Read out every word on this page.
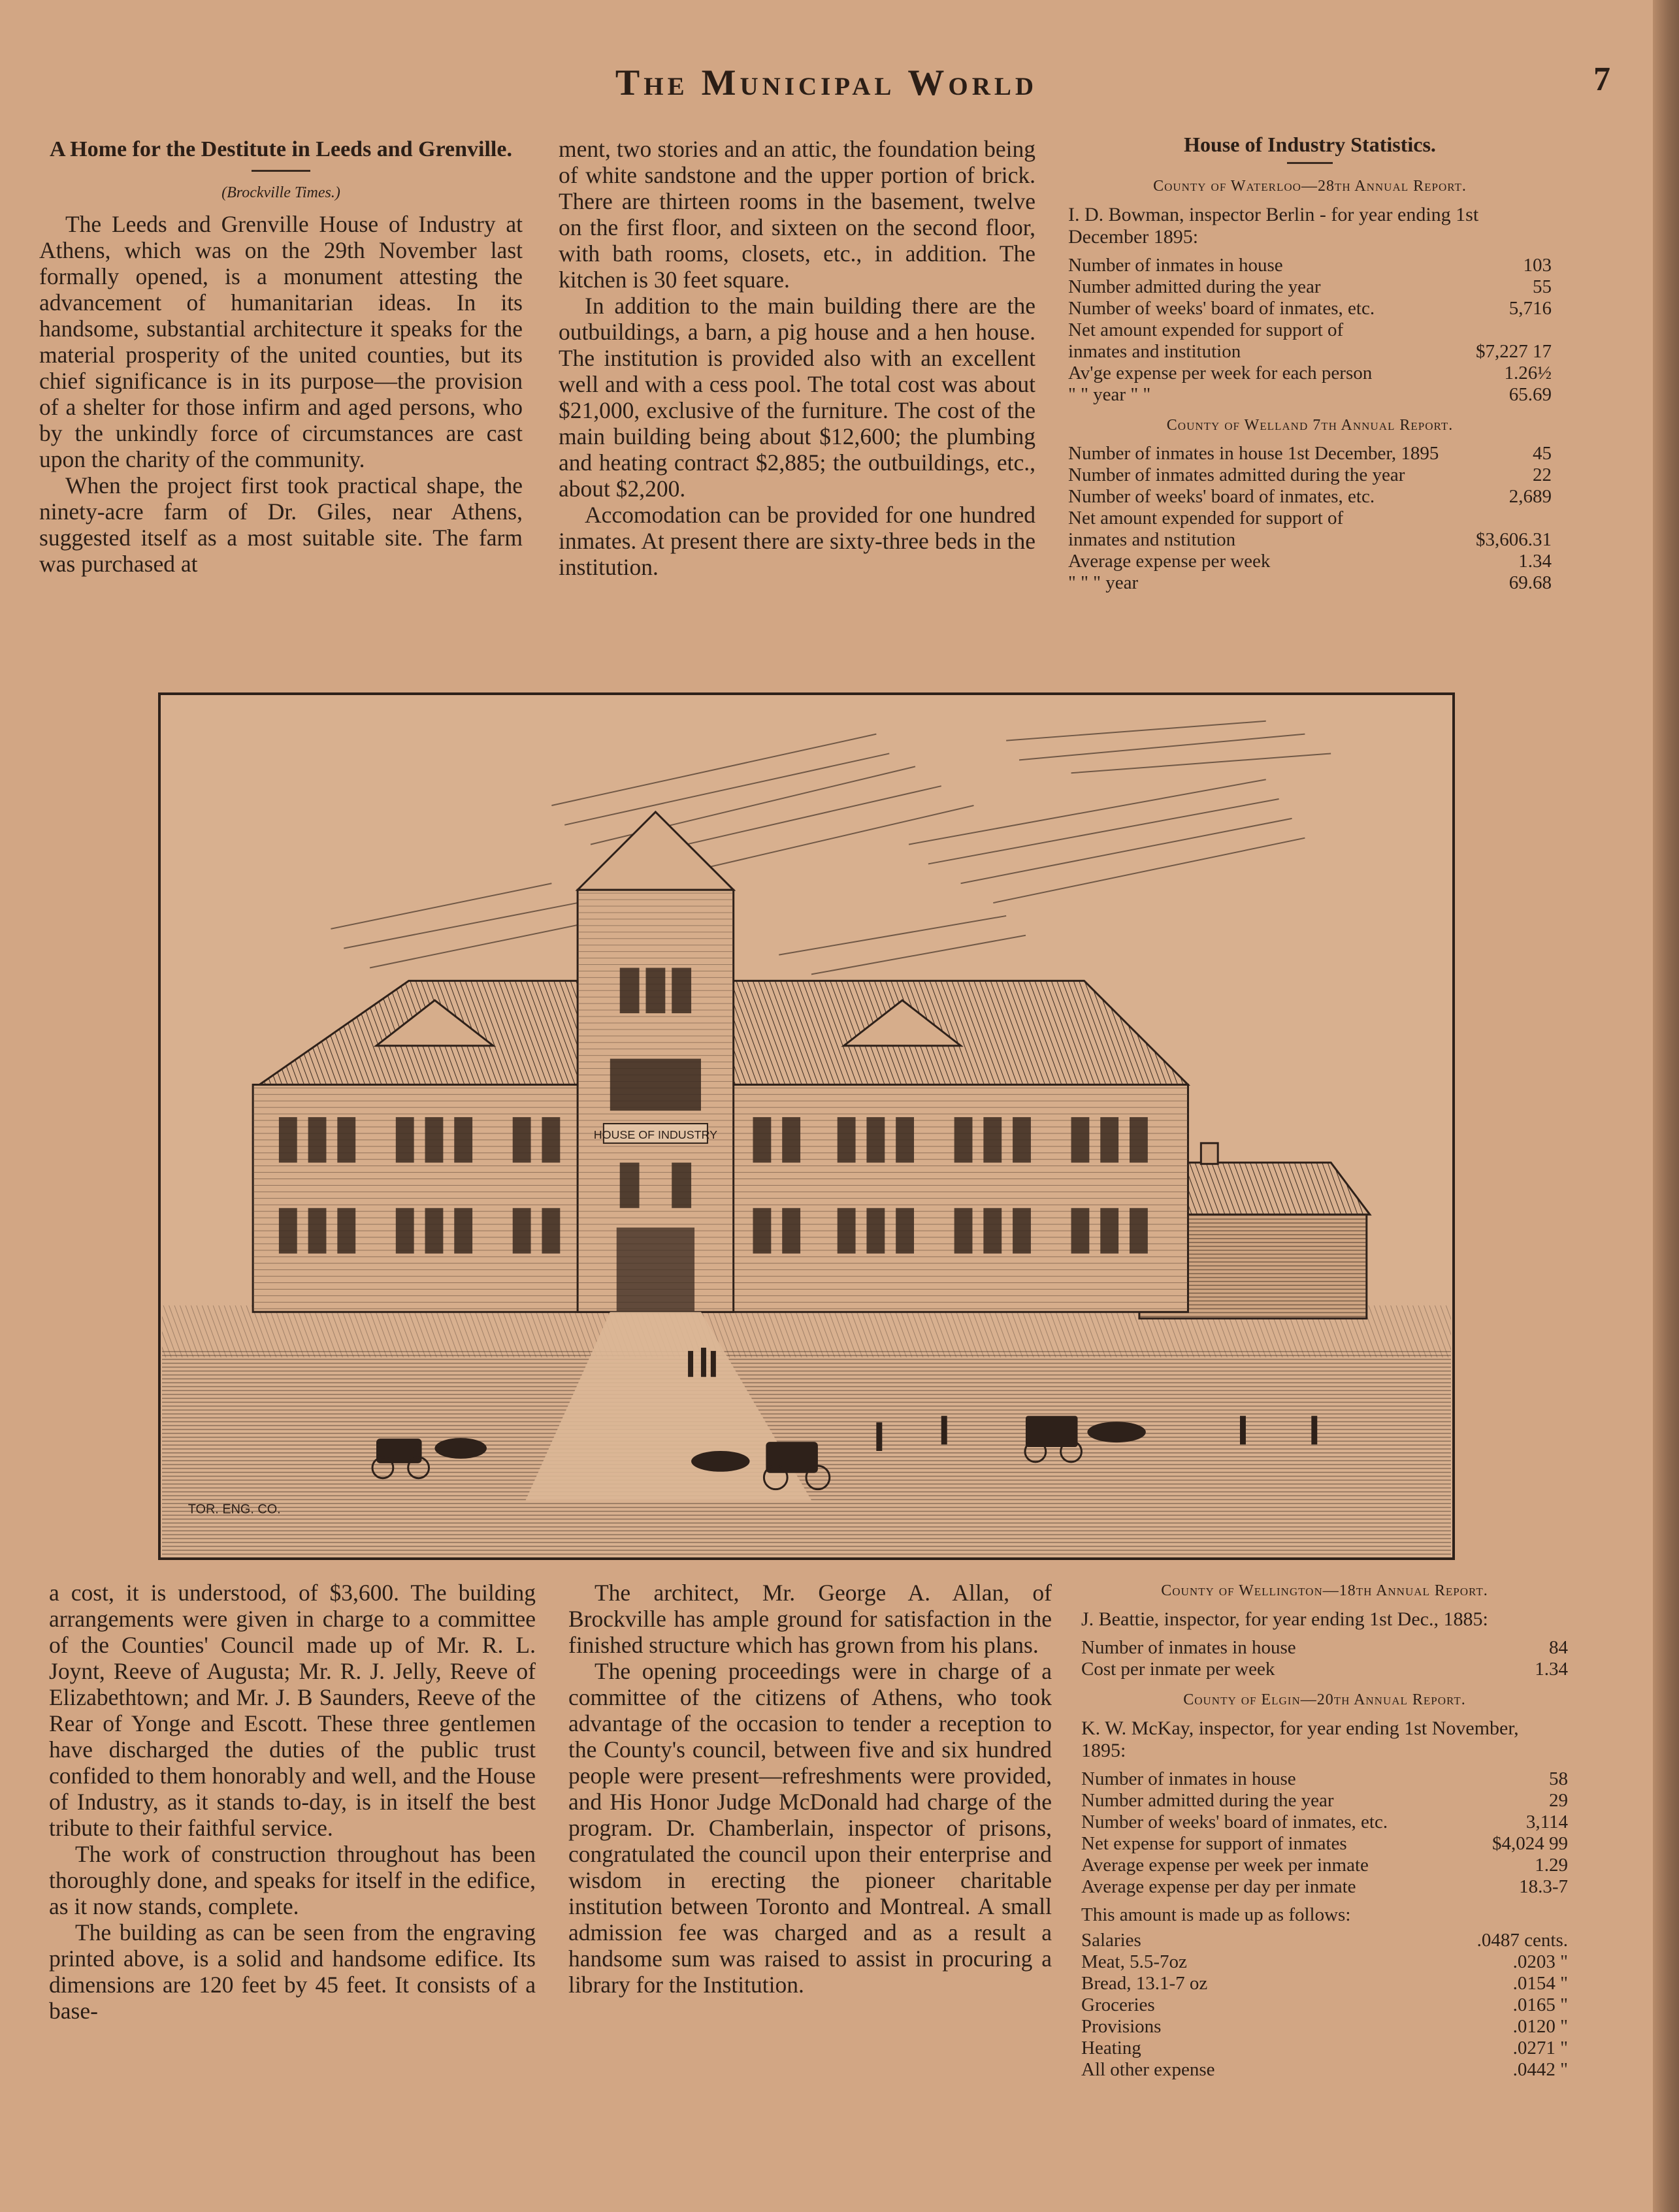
The Municipal World	7
A Home for the Destitute in Leeds and Grenville.
(Brockville Times.)

The Leeds and Grenville House of Industry at Athens, which was on the 29th November last formally opened, is a monument attesting the advancement of humanitarian ideas. In its handsome, substantial architecture it speaks for the material prosperity of the united counties, but its chief significance is in its purpose—the provision of a shelter for those infirm and aged persons, who by the unkindly force of circumstances are cast upon the charity of the community.

When the project first took practical shape, the ninety-acre farm of Dr. Giles, near Athens, suggested itself as a most suitable site. The farm was purchased at

ment, two stories and an attic, the foundation being of white sandstone and the upper portion of brick. There are thirteen rooms in the basement, twelve on the first floor, and sixteen on the second floor, with bath rooms, closets, etc., in addition. The kitchen is 30 feet square.

In addition to the main building there are the outbuildings, a barn, a pig house and a hen house. The institution is provided also with an excellent well and with a cess pool. The total cost was about $21,000, exclusive of the furniture. The cost of the main building being about $12,600; the plumbing and heating contract $2,885; the outbuildings, etc., about $2,200.

Accomodation can be provided for one hundred inmates. At present there are sixty-three beds in the institution.

House of Industry Statistics.
County of Waterloo—28th Annual Report.
I. D. Bowman, inspector Berlin - for year ending 1st December 1895:
Number of inmates in house	103
Number admitted during the year	55
Number of weeks' board of inmates, etc.	5,716
Net amount expended for support of
inmates and institution	$7,227 17
Av'ge expense per week for each person	1.26½
" " year " "	65.69
County of Welland 7th Annual Report.
Number of inmates in house 1st December, 1895	45
Number of inmates admitted during the year	22
Number of weeks' board of inmates, etc.	2,689
Net amount expended for support of
inmates and nstitution	$3,606.31
Average expense per week	1.34
" " " year	69.68
HOUSE OF INDUSTRY
TOR. ENG. CO.

a cost, it is understood, of $3,600. The building arrangements were given in charge to a committee of the Counties' Council made up of Mr. R. L. Joynt, Reeve of Augusta; Mr. R. J. Jelly, Reeve of Elizabethtown; and Mr. J. B Saunders, Reeve of the Rear of Yonge and Escott. These three gentlemen have discharged the duties of the public trust confided to them honorably and well, and the House of Industry, as it stands to-day, is in itself the best tribute to their faithful service.

The work of construction throughout has been thoroughly done, and speaks for itself in the edifice, as it now stands, complete.

The building as can be seen from the engraving printed above, is a solid and handsome edifice. Its dimensions are 120 feet by 45 feet. It consists of a base-

The architect, Mr. George A. Allan, of Brockville has ample ground for satisfaction in the finished structure which has grown from his plans.

The opening proceedings were in charge of a committee of the citizens of Athens, who took advantage of the occasion to tender a reception to the County's council, between five and six hundred people were present—refreshments were provided, and His Honor Judge McDonald had charge of the program. Dr. Chamberlain, inspector of prisons, congratulated the council upon their enterprise and wisdom in erecting the pioneer charitable institution between Toronto and Montreal. A small admission fee was charged and as a result a handsome sum was raised to assist in procuring a library for the Institution.

County of Wellington—18th Annual Report.
J. Beattie, inspector, for year ending 1st Dec., 1885:
Number of inmates in house	84
Cost per inmate per week	1.34
County of Elgin—20th Annual Report.
K. W. McKay, inspector, for year ending 1st November, 1895:
Number of inmates in house	58
Number admitted during the year	29
Number of weeks' board of inmates, etc.	3,114
Net expense for support of inmates	$4,024 99
Average expense per week per inmate	1.29
Average expense per day per inmate	18.3-7
This amount is made up as follows:
Salaries	.0487 cents.
Meat, 5.5-7oz	.0203 "
Bread, 13.1-7 oz	.0154 "
Groceries	.0165 "
Provisions	.0120 "
Heating	.0271 "
All other expense	.0442 "
